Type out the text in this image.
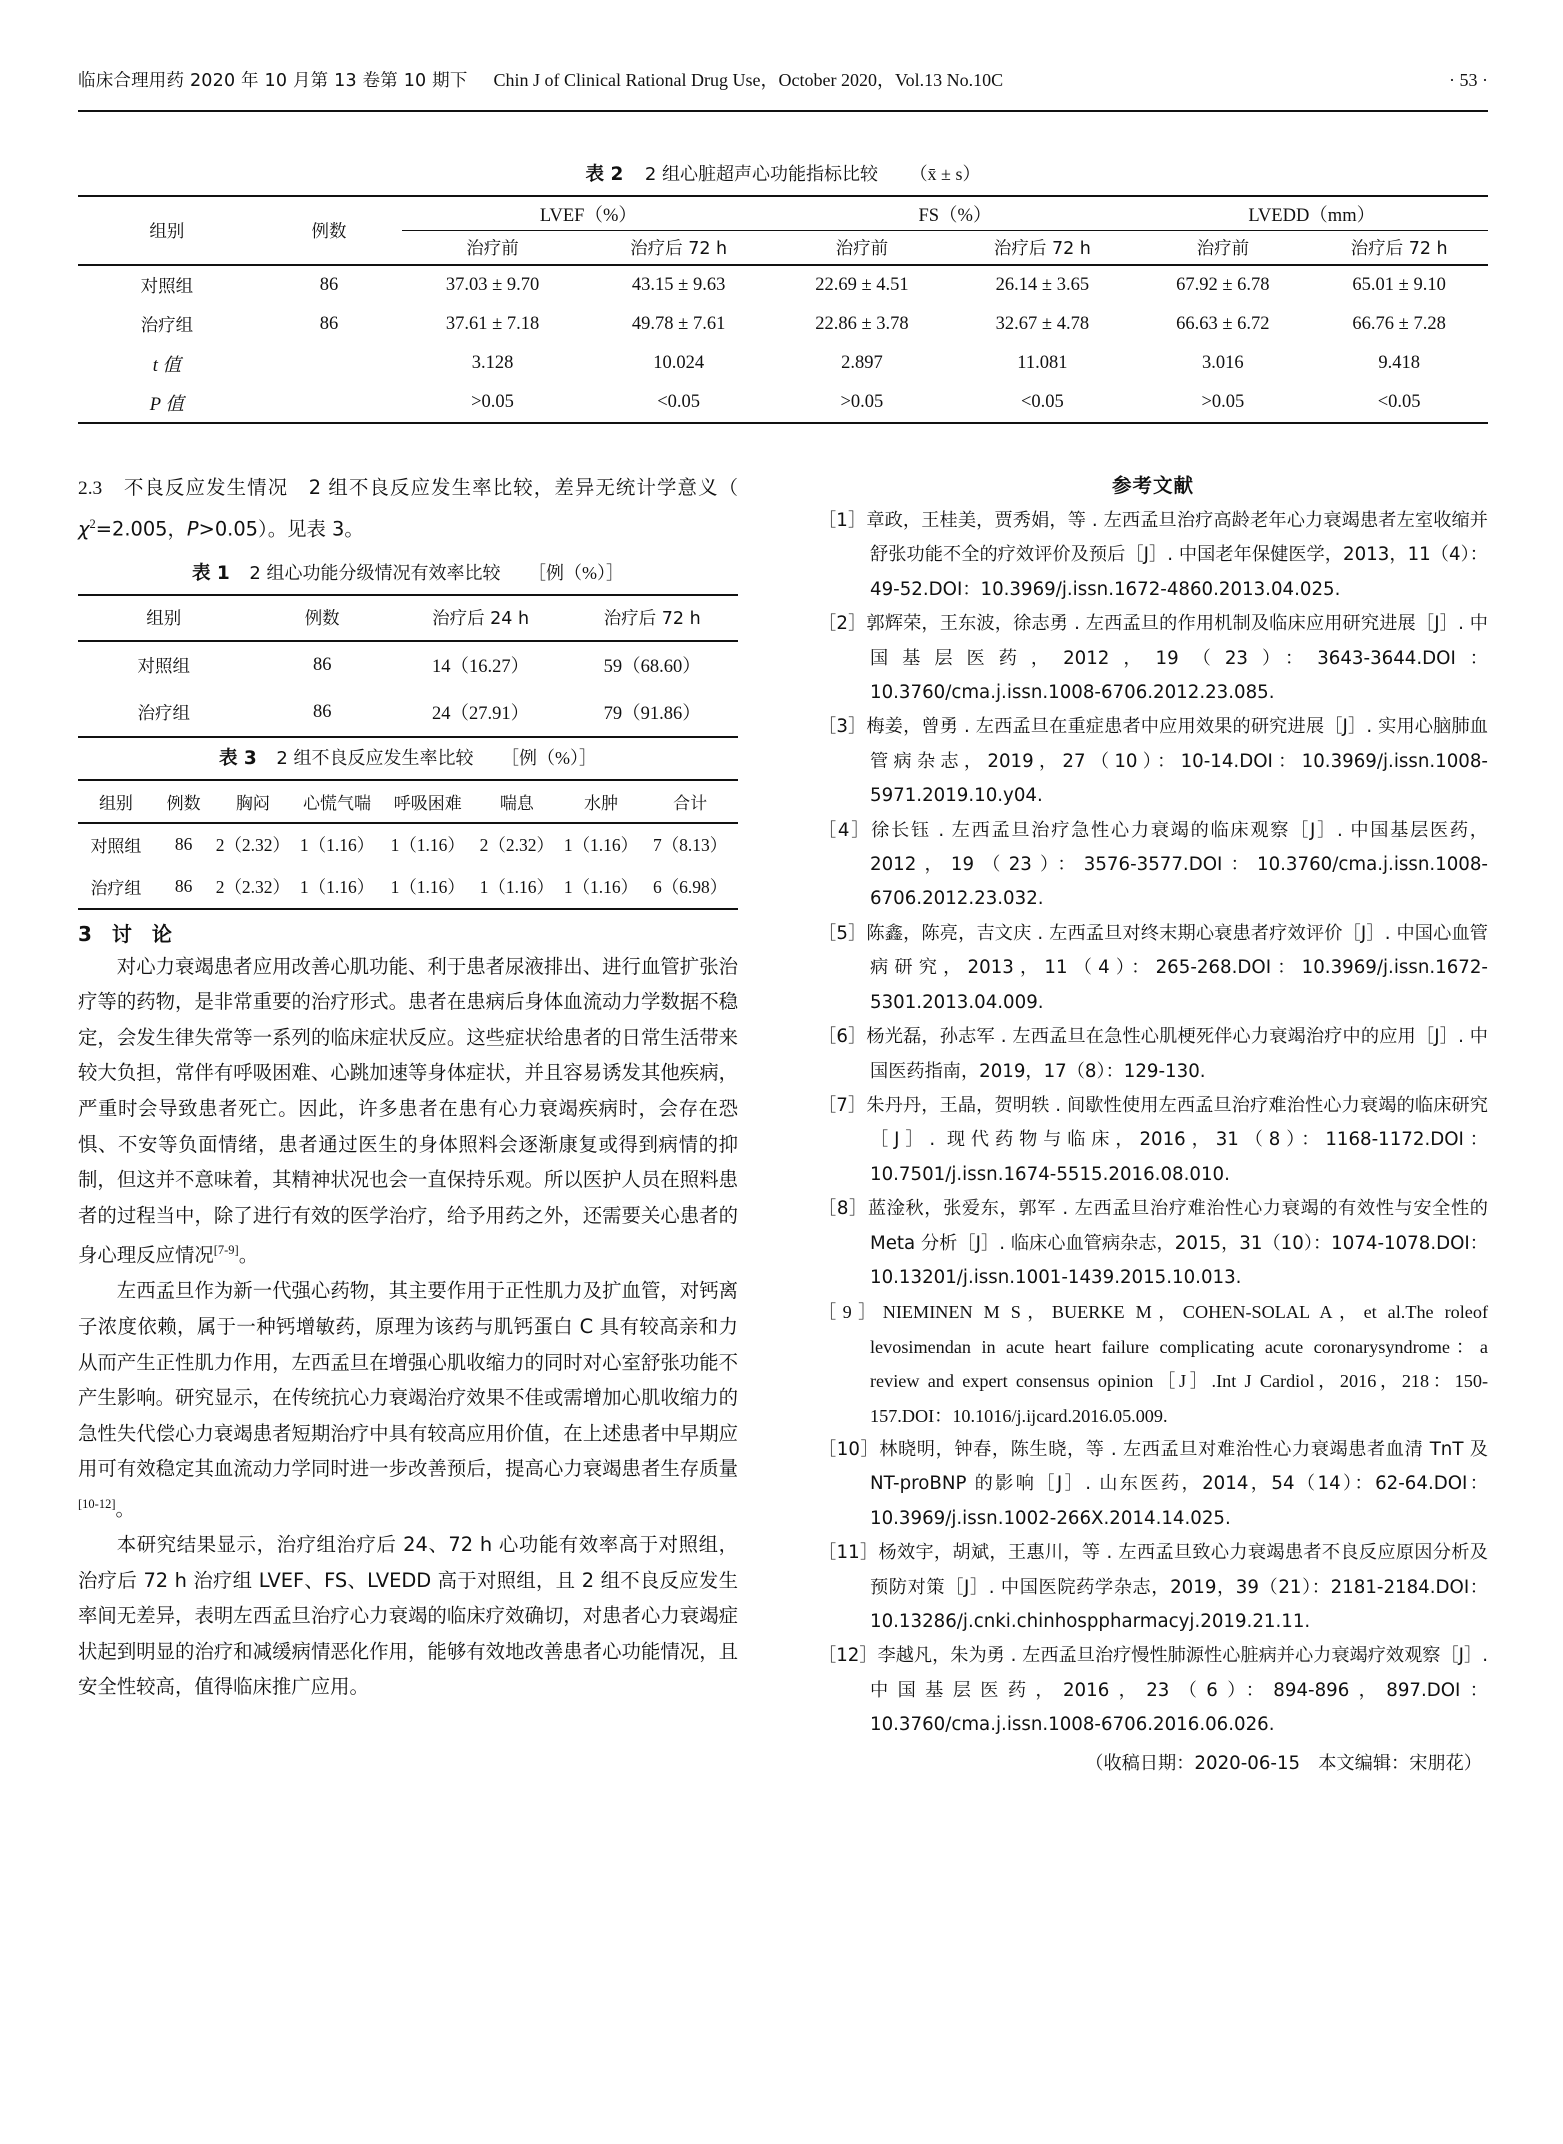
临床合理用药 2020 年 10 月第 13 卷第 10 期下 Chin J of Clinical Rational Drug Use，October 2020，Vol.13 No.10C	· 53 ·
表 2 2 组心脏超声心功能指标比较 （x̄ ± s）
组别	例数	LVEF（%）		FS（%）		LVEDD（mm）	
		治疗前	治疗后 72 h	治疗前	治疗后 72 h	治疗前	治疗后 72 h
对照组	86	37.03 ± 9.70	43.15 ± 9.63	22.69 ± 4.51	26.14 ± 3.65	67.92 ± 6.78	65.01 ± 9.10
治疗组	86	37.61 ± 7.18	49.78 ± 7.61	22.86 ± 3.78	32.67 ± 4.78	66.63 ± 6.72	66.76 ± 7.28
t 值		3.128	10.024	2.897	11.081	3.016	9.418
P 值		>0.05	<0.05	>0.05	<0.05	>0.05	<0.05

2.3　 不良反应发生情况　2 组不良反应发生率比较，差异无统计学意义（ $\chi^2=2.005$，P>0.05）。见表 3。

表 1 2 组心功能分级情况有效率比较 ［例（%）］
组别	例数	治疗后 24 h	治疗后 72 h
对照组	86	14（16.27）	59（68.60）
治疗组	86	24（27.91）	79（91.86）
表 3 2 组不良反应发生率比较 ［例（%）］
组别	例数	胸闷	心慌气喘	呼吸困难	喘息	水肿	合计
对照组	86	2（2.32）	1（1.16）	1（1.16）	2（2.32）	1（1.16）	7（8.13）
治疗组	86	2（2.32）	1（1.16）	1（1.16）	1（1.16）	1（1.16）	6（6.98）
3　讨　论

对心力衰竭患者应用改善心肌功能、利于患者尿液排出、进行血管扩张治疗等的药物，是非常重要的治疗形式。患者在患病后身体血流动力学数据不稳定，会发生律失常等一系列的临床症状反应。这些症状给患者的日常生活带来较大负担，常伴有呼吸困难、心跳加速等身体症状，并且容易诱发其他疾病，严重时会导致患者死亡。因此，许多患者在患有心力衰竭疾病时，会存在恐惧、不安等负面情绪，患者通过医生的身体照料会逐渐康复或得到病情的抑制，但这并不意味着，其精神状况也会一直保持乐观。所以医护人员在照料患者的过程当中，除了进行有效的医学治疗，给予用药之外，还需要关心患者的身心理反应情况[7-9]。

左西孟旦作为新一代强心药物，其主要作用于正性肌力及扩血管，对钙离子浓度依赖，属于一种钙增敏药，原理为该药与肌钙蛋白 C 具有较高亲和力从而产生正性肌力作用，左西孟旦在增强心肌收缩力的同时对心室舒张功能不产生影响。研究显示，在传统抗心力衰竭治疗效果不佳或需增加心肌收缩力的急性失代偿心力衰竭患者短期治疗中具有较高应用价值，在上述患者中早期应用可有效稳定其血流动力学同时进一步改善预后，提高心力衰竭患者生存质量[10-12]。

本研究结果显示，治疗组治疗后 24、72 h 心功能有效率高于对照组，治疗后 72 h 治疗组 LVEF、FS、LVEDD 高于对照组，且 2 组不良反应发生率间无差异，表明左西孟旦治疗心力衰竭的临床疗效确切，对患者心力衰竭症状起到明显的治疗和减缓病情恶化作用，能够有效地改善患者心功能情况，且安全性较高，值得临床推广应用。

参考文献

［1］章政，王桂美，贾秀娟，等 . 左西孟旦治疗高龄老年心力衰竭患者左室收缩并舒张功能不全的疗效评价及预后［J］. 中国老年保健医学，2013，11（4）：49-52.DOI：10.3969/j.issn.1672-4860.2013.04.025.

［2］郭辉荣，王东波，徐志勇 . 左西孟旦的作用机制及临床应用研究进展［J］. 中国基层医药，2012，19（23）：3643-3644.DOI：10.3760/cma.j.issn.1008-6706.2012.23.085.

［3］梅姜，曾勇 . 左西孟旦在重症患者中应用效果的研究进展［J］. 实用心脑肺血管病杂志，2019，27（10）：10-14.DOI：10.3969/j.issn.1008-5971.2019.10.y04.

［4］徐长钰 . 左西孟旦治疗急性心力衰竭的临床观察［J］. 中国基层医药，2012，19（23）：3576-3577.DOI：10.3760/cma.j.issn.1008-6706.2012.23.032.

［5］陈鑫，陈亮，吉文庆 . 左西孟旦对终末期心衰患者疗效评价［J］. 中国心血管病研究，2013，11（4）：265-268.DOI：10.3969/j.issn.1672-5301.2013.04.009.

［6］杨光磊，孙志军 . 左西孟旦在急性心肌梗死伴心力衰竭治疗中的应用［J］. 中国医药指南，2019，17（8）：129-130.

［7］朱丹丹，王晶，贺明轶 . 间歇性使用左西孟旦治疗难治性心力衰竭的临床研究［J］. 现代药物与临床，2016，31（8）：1168-1172.DOI：10.7501/j.issn.1674-5515.2016.08.010.

［8］蓝淦秋，张爱东，郭军 . 左西孟旦治疗难治性心力衰竭的有效性与安全性的 Meta 分析［J］. 临床心血管病杂志，2015，31（10）：1074-1078.DOI：10.13201/j.issn.1001-1439.2015.10.013.

［9］NIEMINEN M S，BUERKE M，COHEN-SOLAL A，et al.The roleof levosimendan in acute heart failure complicating acute coronarysyndrome：a review and expert consensus opinion［J］.Int J Cardiol，2016，218：150-157.DOI：10.1016/j.ijcard.2016.05.009.

［10］林晓明，钟春，陈生晓，等 . 左西孟旦对难治性心力衰竭患者血清 TnT 及 NT-proBNP 的影响［J］. 山东医药，2014，54（14）：62-64.DOI：10.3969/j.issn.1002-266X.2014.14.025.

［11］杨效宇，胡斌，王惠川，等 . 左西孟旦致心力衰竭患者不良反应原因分析及预防对策［J］. 中国医院药学杂志，2019，39（21）：2181-2184.DOI：10.13286/j.cnki.chinhosppharmacyj.2019.21.11.

［12］李越凡，朱为勇 . 左西孟旦治疗慢性肺源性心脏病并心力衰竭疗效观察［J］. 中国基层医药，2016，23（6）：894-896，897.DOI：10.3760/cma.j.issn.1008-6706.2016.06.026.

（收稿日期：2020-06-15　本文编辑：宋朋花）
